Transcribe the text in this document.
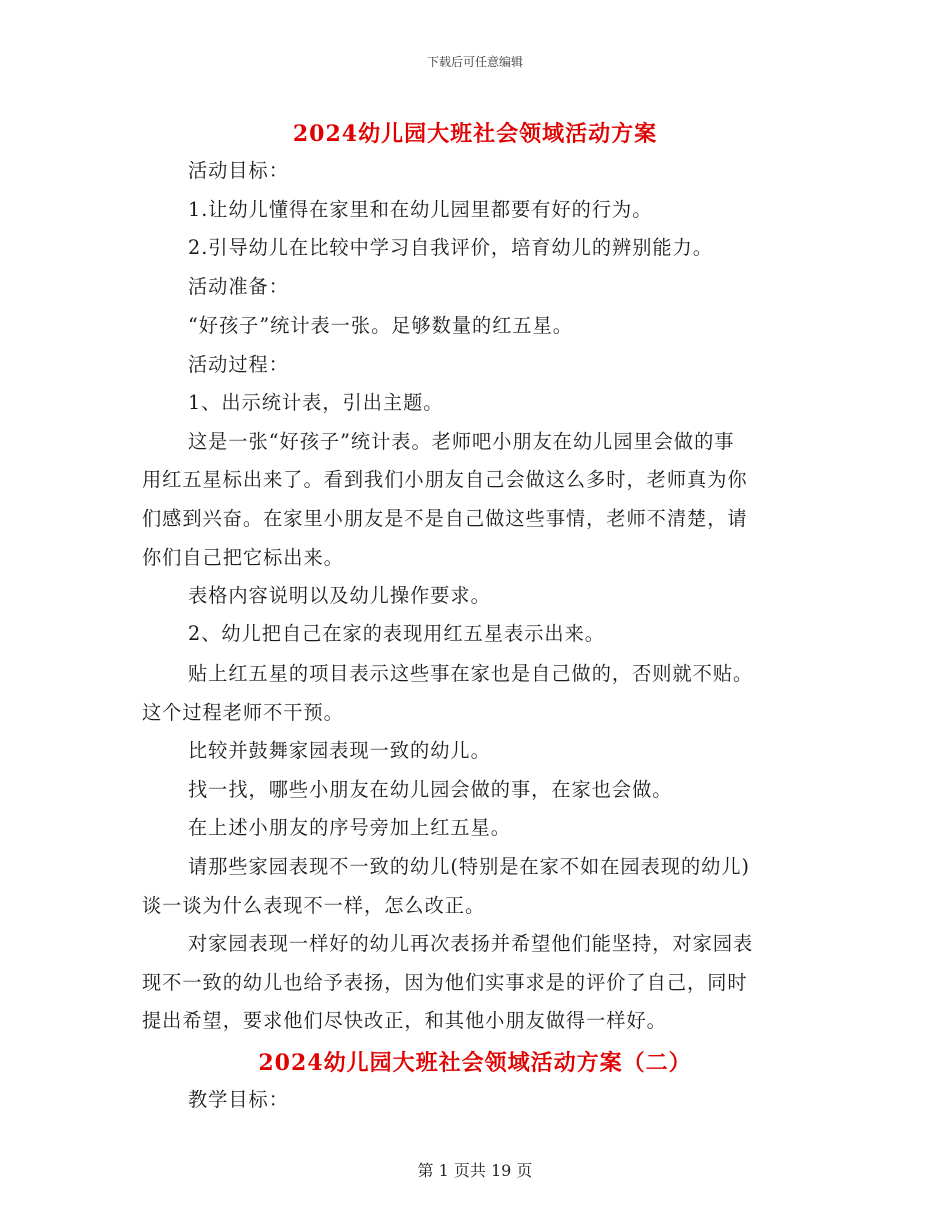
下载后可任意编辑
2024幼儿园大班社会领域活动方案
活动目标：
1.让幼儿懂得在家里和在幼儿园里都要有好的行为。
2.引导幼儿在比较中学习自我评价，培育幼儿的辨别能力。
活动准备：
“好孩子”统计表一张。足够数量的红五星。
活动过程：
1、出示统计表，引出主题。
这是一张“好孩子”统计表。老师吧小朋友在幼儿园里会做的事
用红五星标出来了。看到我们小朋友自己会做这么多时，老师真为你
们感到兴奋。在家里小朋友是不是自己做这些事情，老师不清楚，请
你们自己把它标出来。
表格内容说明以及幼儿操作要求。
2、幼儿把自己在家的表现用红五星表示出来。
贴上红五星的项目表示这些事在家也是自己做的，否则就不贴。
这个过程老师不干预。
比较并鼓舞家园表现一致的幼儿。
找一找，哪些小朋友在幼儿园会做的事，在家也会做。
在上述小朋友的序号旁加上红五星。
请那些家园表现不一致的幼儿(特别是在家不如在园表现的幼儿)
谈一谈为什么表现不一样，怎么改正。
对家园表现一样好的幼儿再次表扬并希望他们能坚持，对家园表
现不一致的幼儿也给予表扬，因为他们实事求是的评价了自己，同时
提出希望，要求他们尽快改正，和其他小朋友做得一样好。
2024幼儿园大班社会领域活动方案（二）
教学目标：
第 1 页共 19 页
